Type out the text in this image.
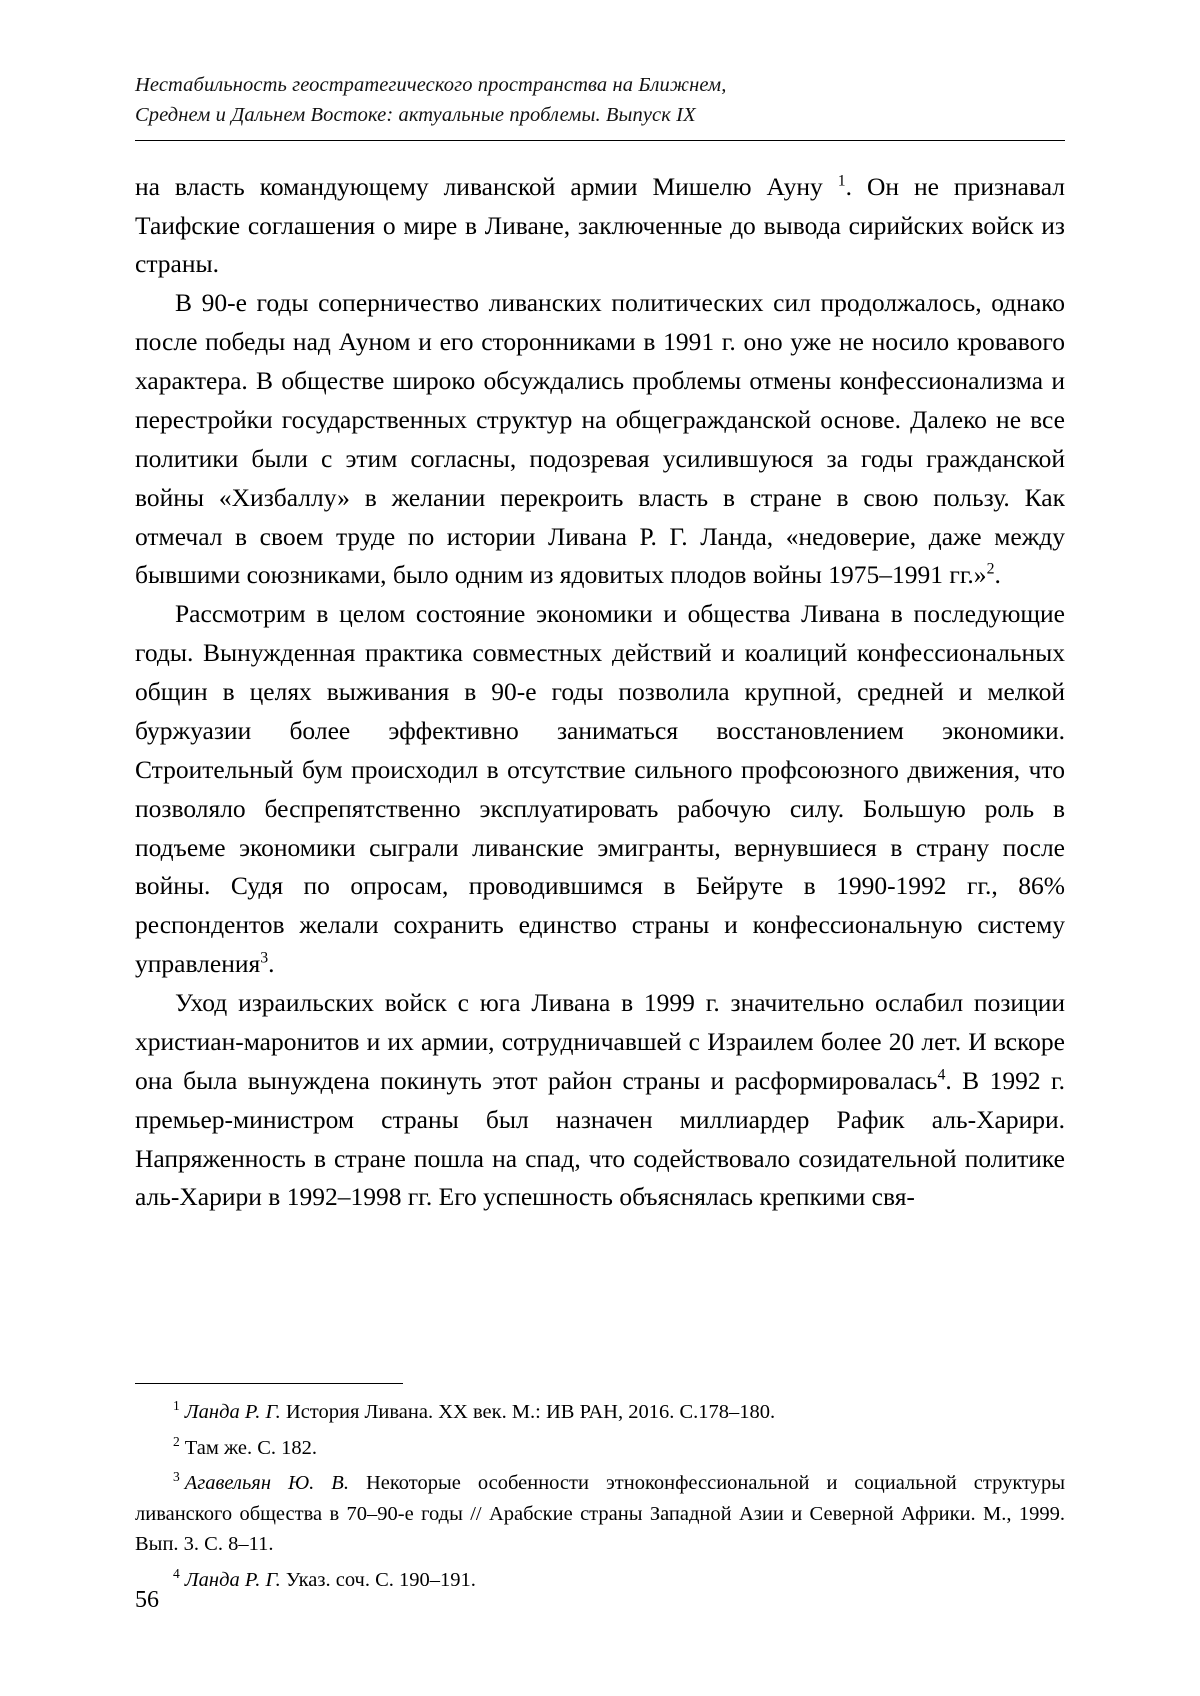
Нестабильность геостратегического пространства на Ближнем,
Среднем и Дальнем Востоке: актуальные проблемы. Выпуск IX

на власть командующему ливанской армии Мишелю Ауну $^1$. Он не признавал Таифские соглашения о мире в Ливане, заключенные до вывода сирийских войск из страны.

В 90-е годы соперничество ливанских политических сил продолжалось, однако после победы над Ауном и его сторонниками в 1991 г. оно уже не носило кровавого характера. В обществе широко обсуждались проблемы отмены конфессионализма и перестройки государственных структур на общегражданской основе. Далеко не все политики были с этим согласны, подозревая усилившуюся за годы гражданской войны «Хизбаллу» в желании перекроить власть в стране в свою пользу. Как отмечал в своем труде по истории Ливана Р. Г. Ланда, «недоверие, даже между бывшими союзниками, было одним из ядовитых плодов войны 1975–1991 гг.»$^2$.

Рассмотрим в целом состояние экономики и общества Ливана в последующие годы. Вынужденная практика совместных действий и коалиций конфессиональных общин в целях выживания в 90-е годы позволила крупной, средней и мелкой буржуазии более эффективно заниматься восстановлением экономики. Строительный бум происходил в отсутствие сильного профсоюзного движения, что позволяло беспрепятственно эксплуатировать рабочую силу. Большую роль в подъеме экономики сыграли ливанские эмигранты, вернувшиеся в страну после войны. Судя по опросам, проводившимся в Бейруте в 1990-1992 гг., 86% респондентов желали сохранить единство страны и конфессиональную систему управления$^3$.

Уход израильских войск с юга Ливана в 1999 г. значительно ослабил позиции христиан-маронитов и их армии, сотрудничавшей с Израилем более 20 лет. И вскоре она была вынуждена покинуть этот район страны и расформировалась$^4$. В 1992 г. премьер-министром страны был назначен миллиардер Рафик аль-Харири. Напряженность в стране пошла на спад, что содействовало созидательной политике аль-Харири в 1992–1998 гг. Его успешность объяснялась крепкими свя-

$^1$ Ланда Р. Г. История Ливана. XX век. М.: ИВ РАН, 2016. С.178–180.

$^2$ Там же. С. 182.

$^3$ Агавельян Ю. В. Некоторые особенности этноконфессиональной и социальной структуры ливанского общества в 70–90-е годы // Арабские страны Западной Азии и Северной Африки. М., 1999. Вып. 3. С. 8–11.

$^4$ Ланда Р. Г. Указ. соч. С. 190–191.

56
